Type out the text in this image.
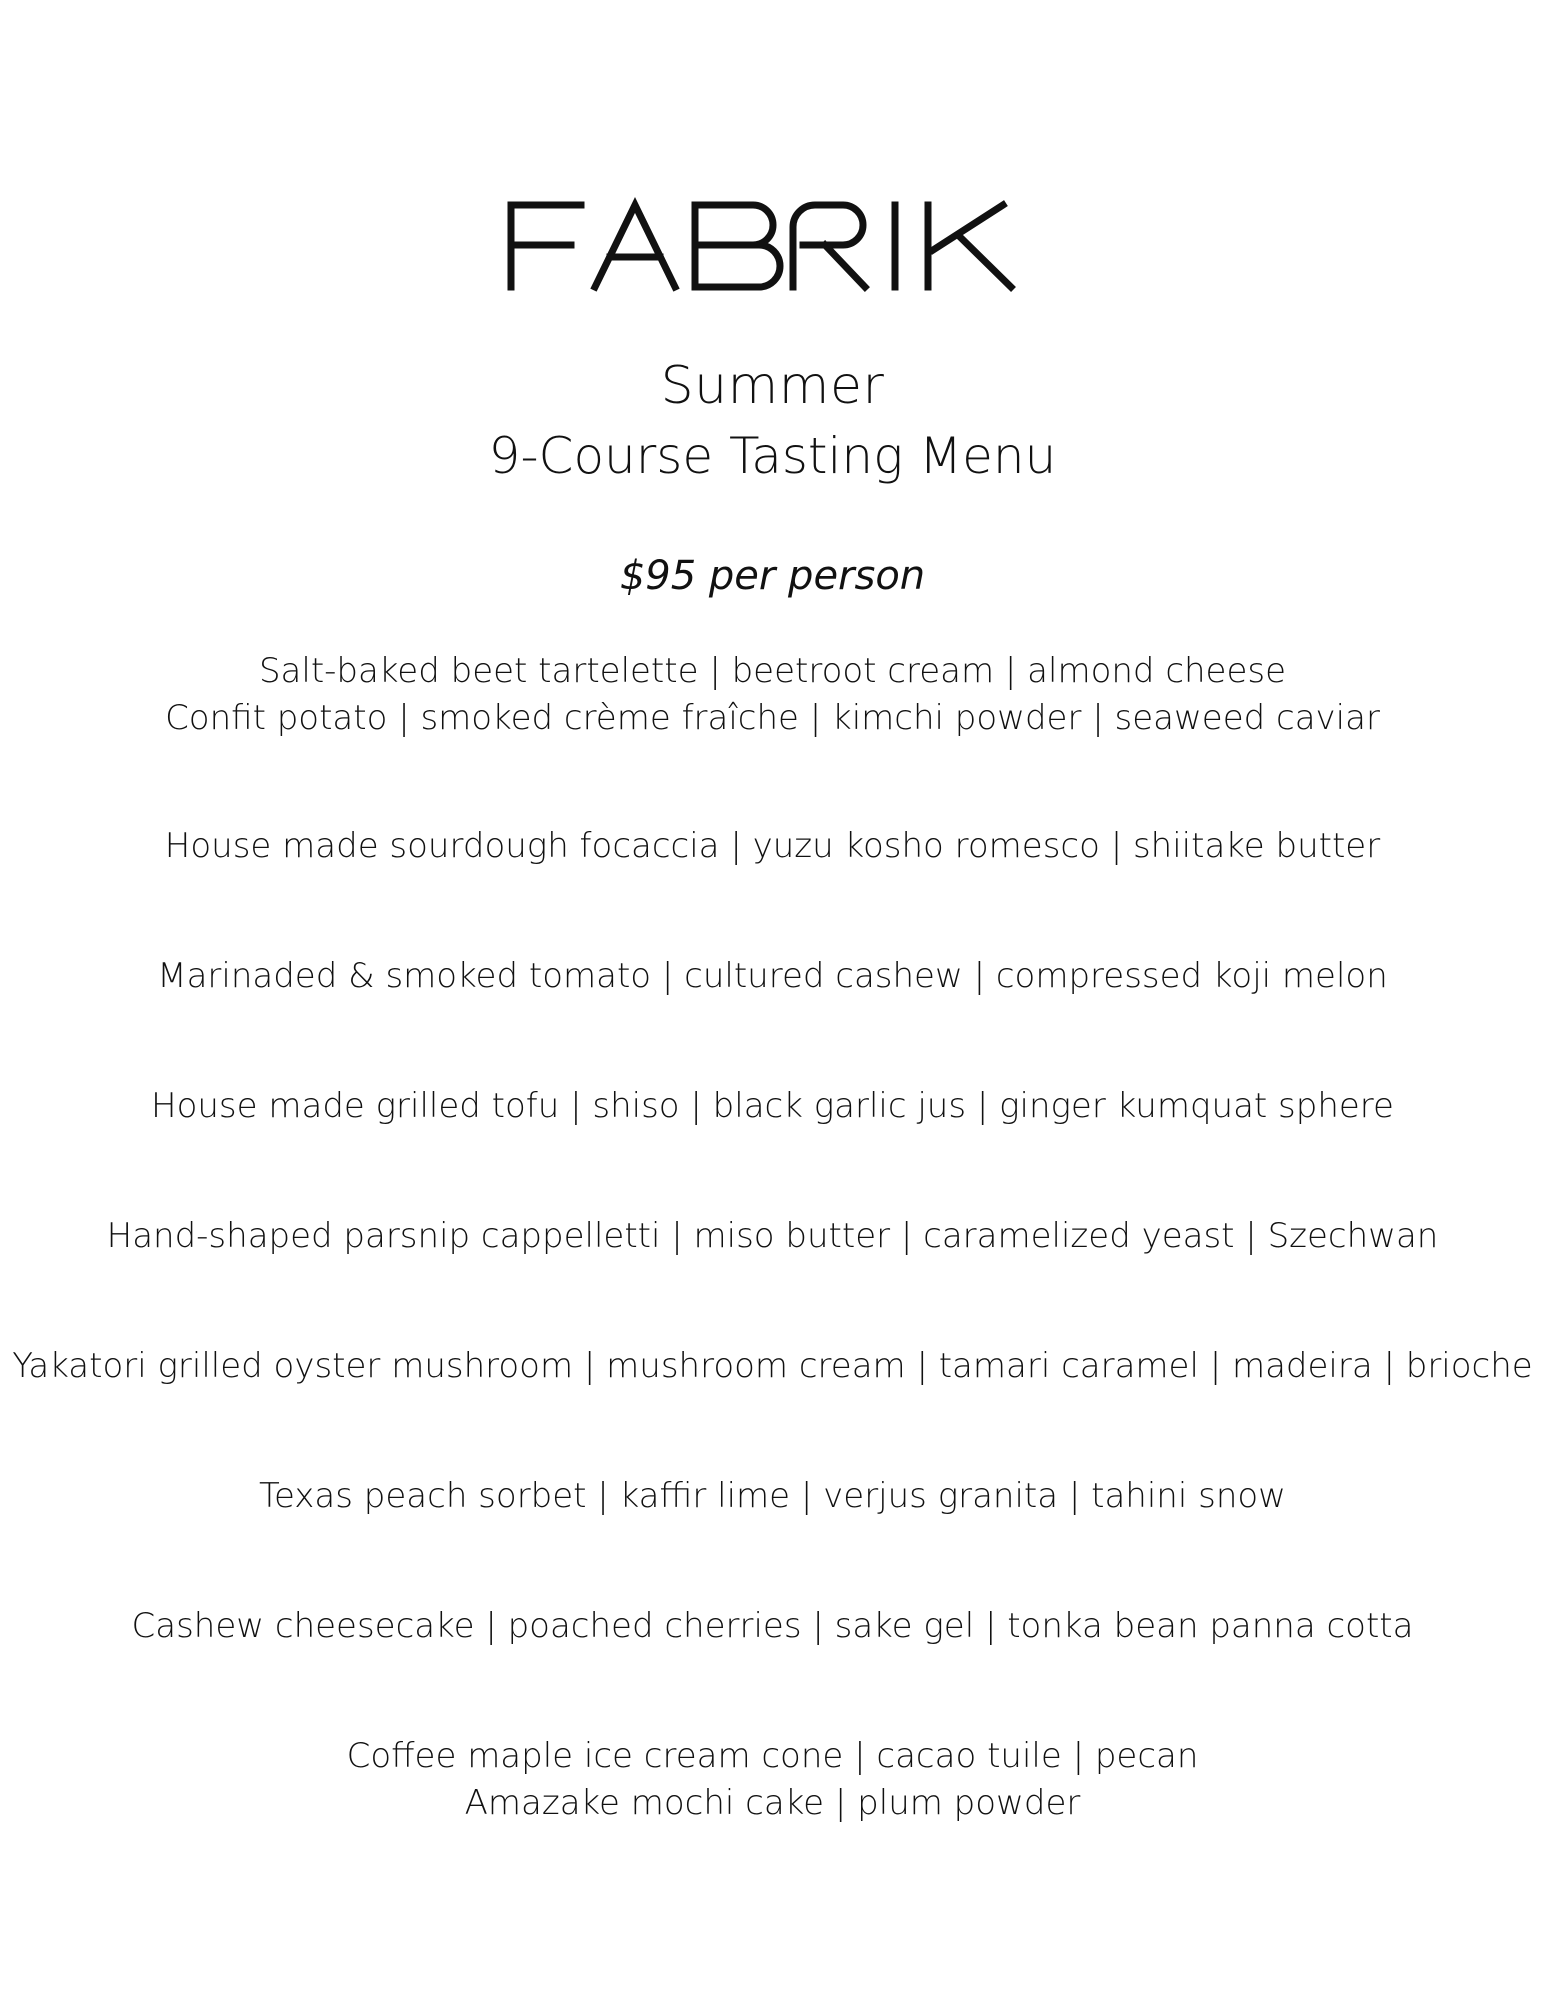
Summer
9-Course Tasting Menu

$95 per person

Salt-baked beet tartelette | beetroot cream | almond cheese
Confit potato | smoked crème fraîche | kimchi powder | seaweed caviar
House made sourdough focaccia | yuzu kosho romesco | shiitake butter
Marinaded & smoked tomato | cultured cashew | compressed koji melon
House made grilled tofu | shiso | black garlic jus | ginger kumquat sphere
Hand-shaped parsnip cappelletti | miso butter | caramelized yeast | Szechwan
Yakatori grilled oyster mushroom | mushroom cream | tamari caramel | madeira | brioche
Texas peach sorbet | kaffir lime | verjus granita | tahini snow
Cashew cheesecake | poached cherries | sake gel | tonka bean panna cotta
Coffee maple ice cream cone | cacao tuile | pecan
Amazake mochi cake | plum powder
